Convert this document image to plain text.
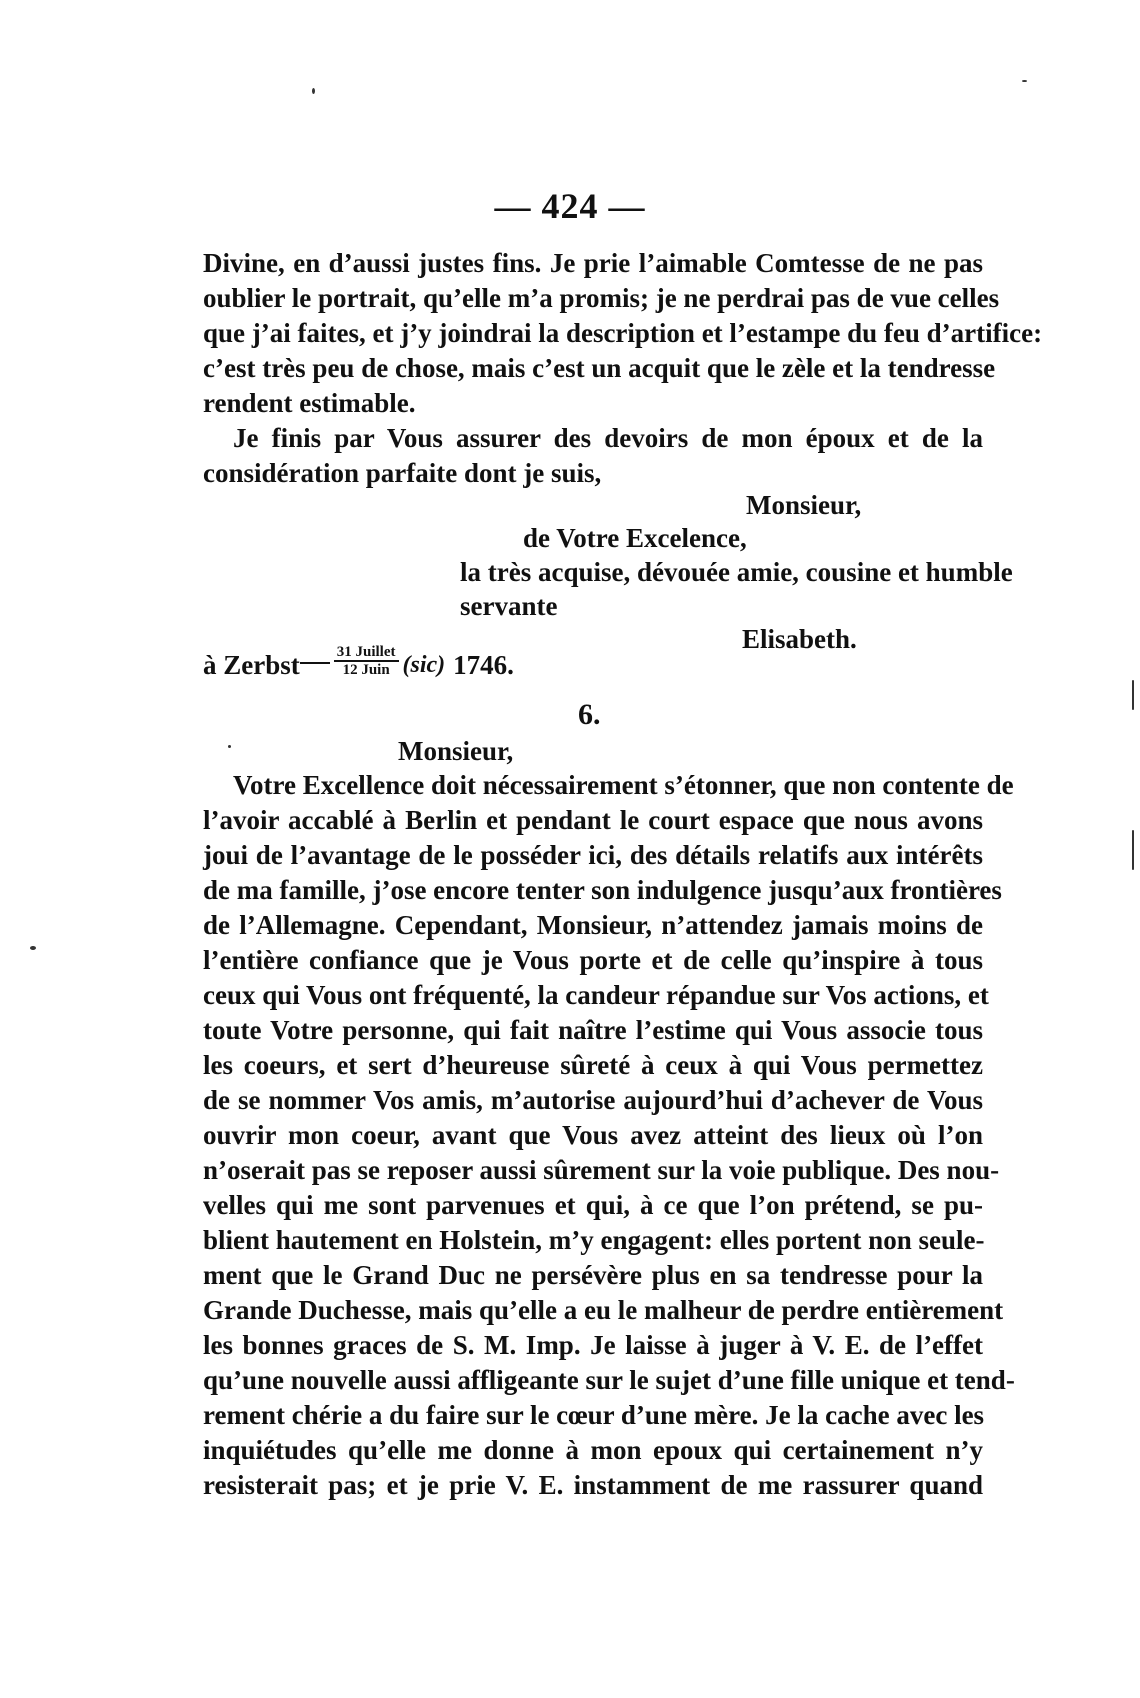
— 424 —
Divine, en d’aussi justes fins. Je prie l’aimable Comtesse de ne pas
oublier le portrait, qu’elle m’a promis; je ne perdrai pas de vue celles
que j’ai faites, et j’y joindrai la description et l’estampe du feu d’artifice:
c’est très peu de chose, mais c’est un acquit que le zèle et la tendresse
rendent estimable.
Je finis par Vous assurer des devoirs de mon époux et de la
considération parfaite dont je suis,
Monsieur,
de Votre Excelence,
la très acquise, dévouée amie, cousine et humble
servante
Elisabeth.
à Zerbst $\frac{\text{31 Juillet}}{\text{12 Juin}} (sic)$ 1746.
6.
Monsieur,
Votre Excellence doit nécessairement s’étonner, que non contente de
l’avoir accablé à Berlin et pendant le court espace que nous avons
joui de l’avantage de le posséder ici, des détails relatifs aux intérêts
de ma famille, j’ose encore tenter son indulgence jusqu’aux frontières
de l’Allemagne. Cependant, Monsieur, n’attendez jamais moins de
l’entière confiance que je Vous porte et de celle qu’inspire à tous
ceux qui Vous ont fréquenté, la candeur répandue sur Vos actions, et
toute Votre personne, qui fait naître l’estime qui Vous associe tous
les coeurs, et sert d’heureuse sûreté à ceux à qui Vous permettez
de se nommer Vos amis, m’autorise aujourd’hui d’achever de Vous
ouvrir mon coeur, avant que Vous avez atteint des lieux où l’on
n’oserait pas se reposer aussi sûrement sur la voie publique. Des nou-
velles qui me sont parvenues et qui, à ce que l’on prétend, se pu-
blient hautement en Holstein, m’y engagent: elles portent non seule-
ment que le Grand Duc ne persévère plus en sa tendresse pour la
Grande Duchesse, mais qu’elle a eu le malheur de perdre entièrement
les bonnes graces de S. M. Imp. Je laisse à juger à V. E. de l’effet
qu’une nouvelle aussi affligeante sur le sujet d’une fille unique et tend-
rement chérie a du faire sur le cœur d’une mère. Je la cache avec les
inquiétudes qu’elle me donne à mon epoux qui certainement n’y
resisterait pas; et je prie V. E. instamment de me rassurer quand
